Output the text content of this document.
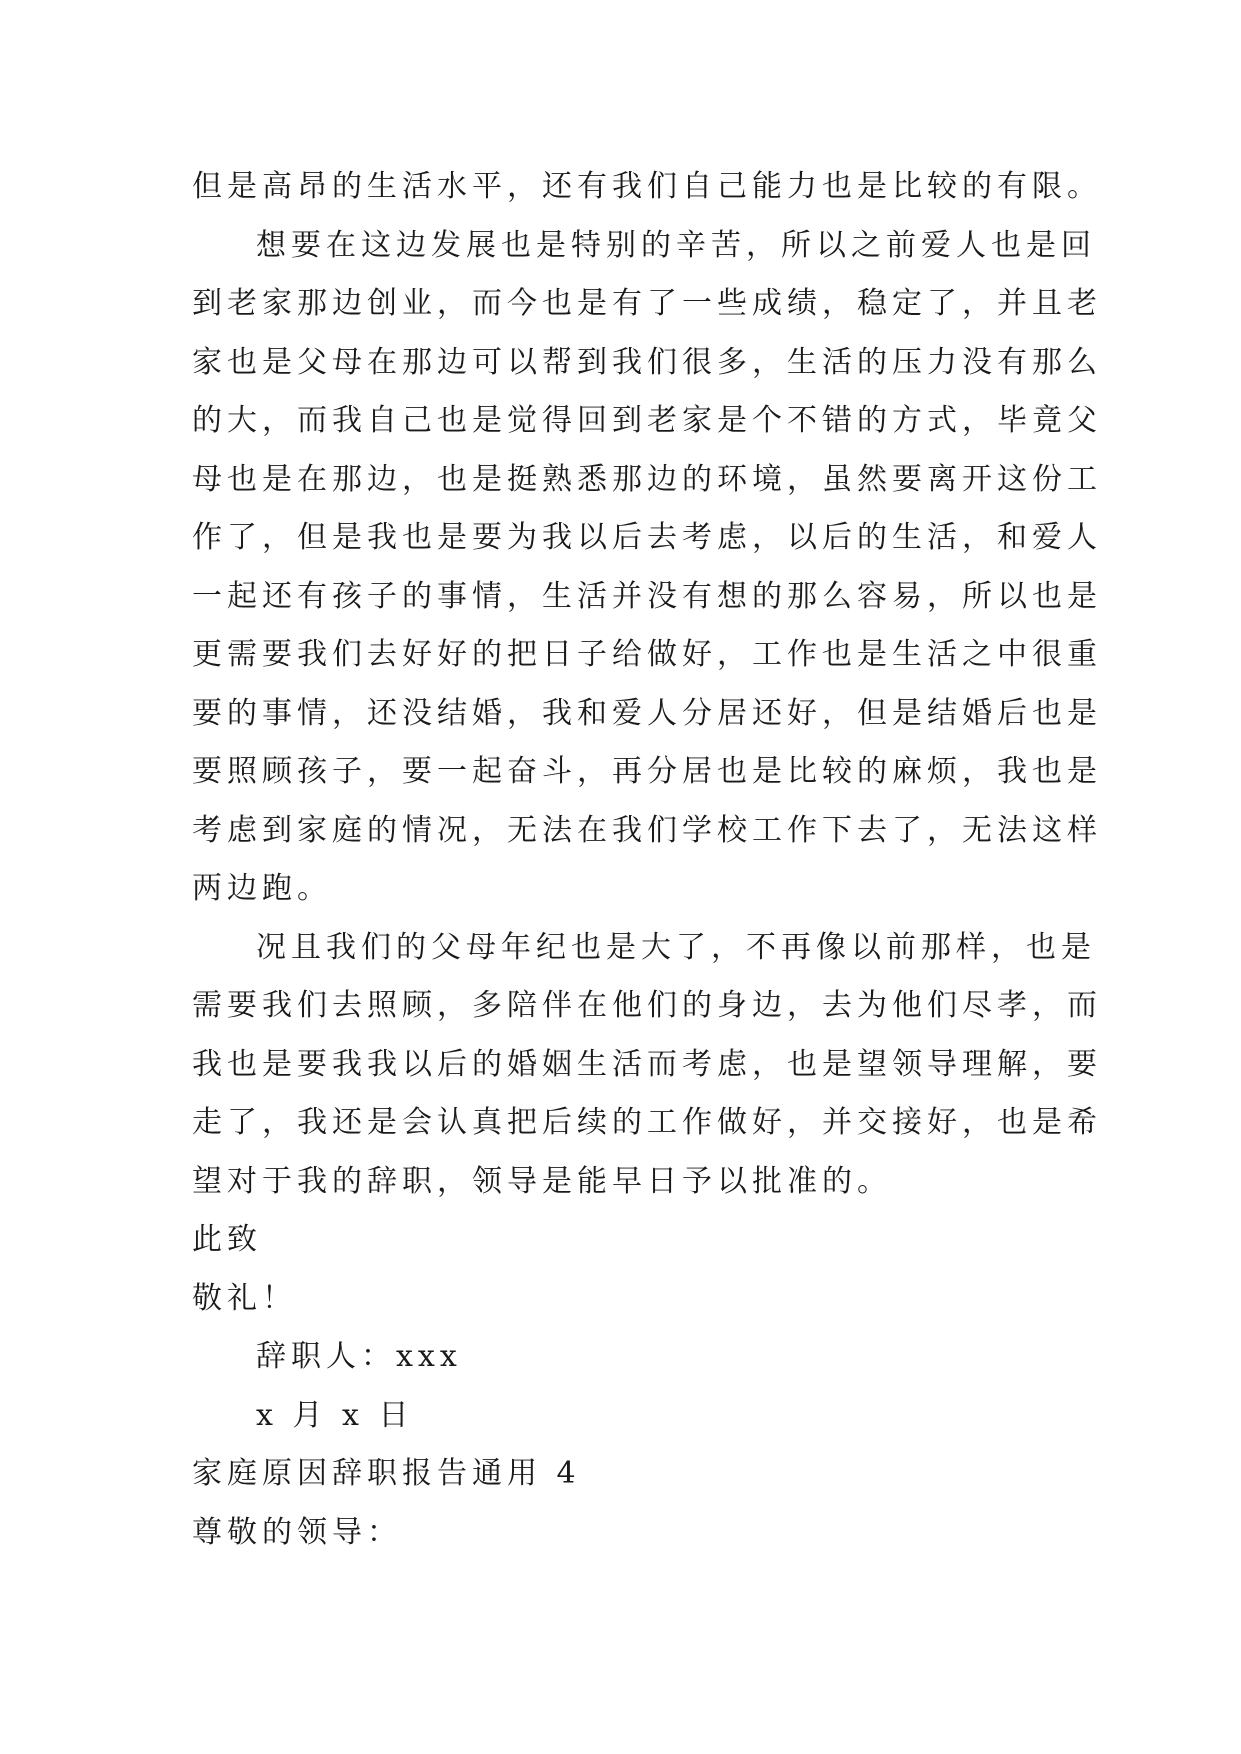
但是高昂的生活水平，还有我们自己能力也是比较的有限。
想要在这边发展也是特别的辛苦，所以之前爱人也是回
到老家那边创业，而今也是有了一些成绩，稳定了，并且老
家也是父母在那边可以帮到我们很多，生活的压力没有那么
的大，而我自己也是觉得回到老家是个不错的方式，毕竟父
母也是在那边，也是挺熟悉那边的环境，虽然要离开这份工
作了，但是我也是要为我以后去考虑，以后的生活，和爱人
一起还有孩子的事情，生活并没有想的那么容易，所以也是
更需要我们去好好的把日子给做好，工作也是生活之中很重
要的事情，还没结婚，我和爱人分居还好，但是结婚后也是
要照顾孩子，要一起奋斗，再分居也是比较的麻烦，我也是
考虑到家庭的情况，无法在我们学校工作下去了，无法这样
两边跑。
况且我们的父母年纪也是大了，不再像以前那样，也是
需要我们去照顾，多陪伴在他们的身边，去为他们尽孝，而
我也是要我我以后的婚姻生活而考虑，也是望领导理解，要
走了，我还是会认真把后续的工作做好，并交接好，也是希
望对于我的辞职，领导是能早日予以批准的。
此致
敬礼！
辞职人：xxx
x 月 x 日
家庭原因辞职报告通用 4
尊敬的领导：
